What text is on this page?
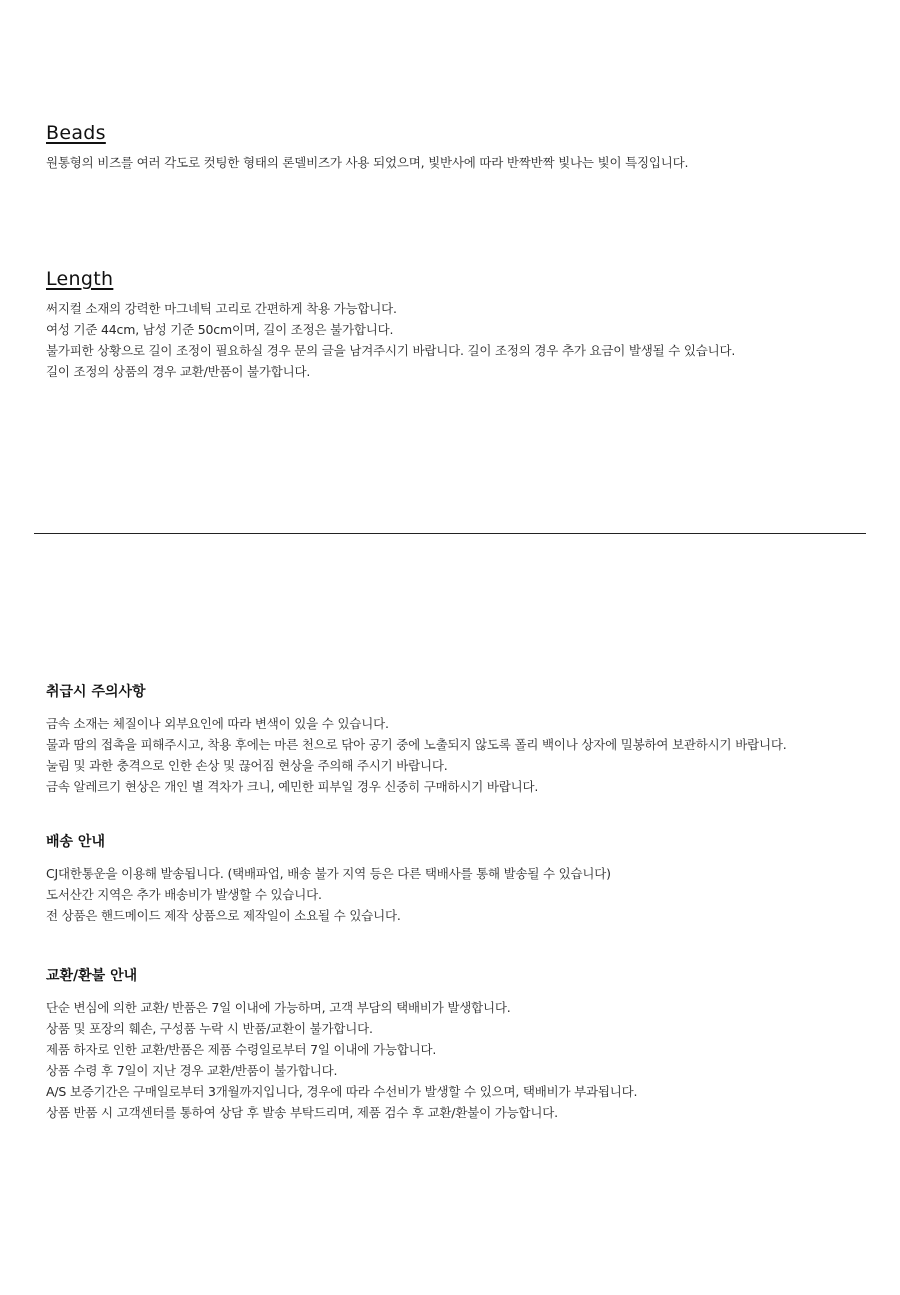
Beads
원통형의 비즈를 여러 각도로 컷팅한 형태의 론델비즈가 사용 되었으며, 빛반사에 따라 반짝반짝 빛나는 빛이 특징입니다.
Length
써지컬 소재의 강력한 마그네틱 고리로 간편하게 착용 가능합니다.
여성 기준 44cm, 남성 기준 50cm이며, 길이 조정은 불가합니다.
불가피한 상황으로 길이 조정이 필요하실 경우 문의 글을 남겨주시기 바랍니다. 길이 조정의 경우 추가 요금이 발생될 수 있습니다.
길이 조정의 상품의 경우 교환/반품이 불가합니다.
취급시 주의사항
금속 소재는 체질이나 외부요인에 따라 변색이 있을 수 있습니다.
물과 땀의 접촉을 피해주시고, 착용 후에는 마른 천으로 닦아 공기 중에 노출되지 않도록 폴리 백이나 상자에 밀봉하여 보관하시기 바랍니다.
눌림 및 과한 충격으로 인한 손상 및 끊어짐 현상을 주의해 주시기 바랍니다.
금속 알레르기 현상은 개인 별 격차가 크니, 예민한 피부일 경우 신중히 구매하시기 바랍니다.
배송 안내
CJ대한통운을 이용해 발송됩니다. (택배파업, 배송 불가 지역 등은 다른 택배사를 통해 발송될 수 있습니다)
도서산간 지역은 추가 배송비가 발생할 수 있습니다.
전 상품은 핸드메이드 제작 상품으로 제작일이 소요될 수 있습니다.
교환/환불 안내
단순 변심에 의한 교환/ 반품은 7일 이내에 가능하며, 고객 부담의 택배비가 발생합니다.
상품 및 포장의 훼손, 구성품 누락 시 반품/교환이 불가합니다.
제품 하자로 인한 교환/반품은 제품 수령일로부터 7일 이내에 가능합니다.
상품 수령 후 7일이 지난 경우 교환/반품이 불가합니다.
A/S 보증기간은 구매일로부터 3개월까지입니다, 경우에 따라 수선비가 발생할 수 있으며, 택배비가 부과됩니다.
상품 반품 시 고객센터를 통하여 상담 후 발송 부탁드리며, 제품 검수 후 교환/환불이 가능합니다.
